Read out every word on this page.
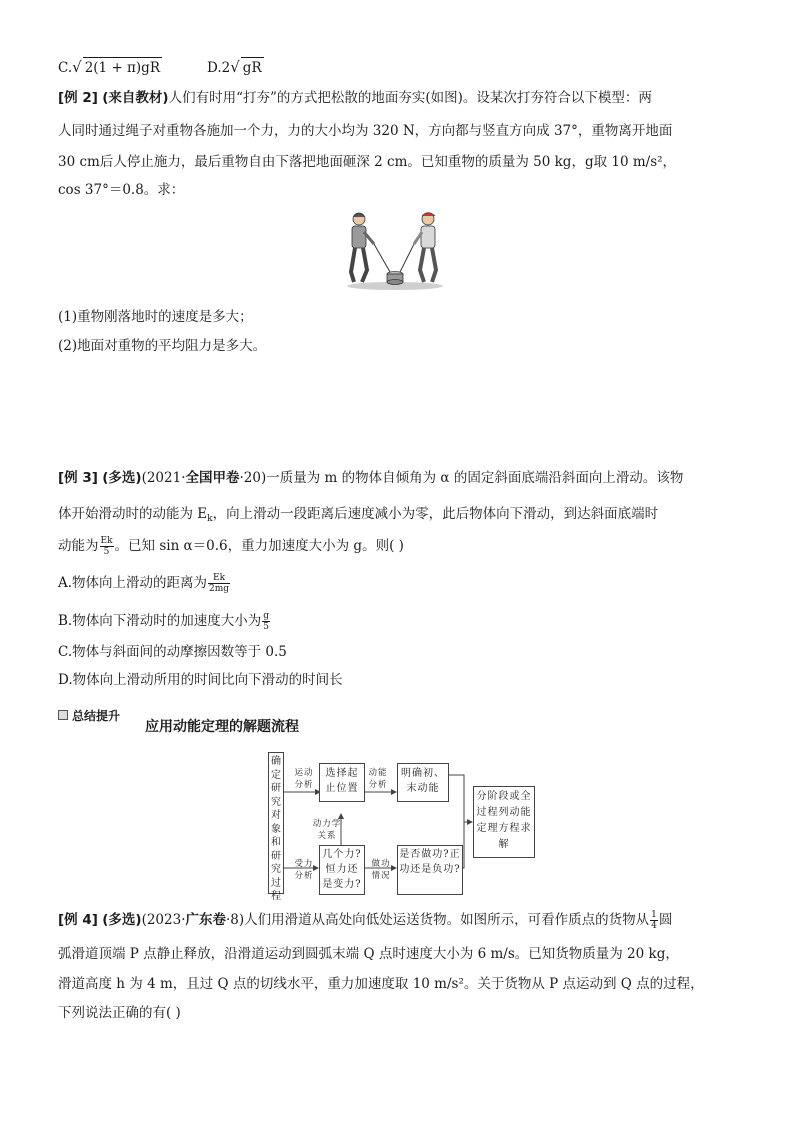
C.√ 2(1 + π)gR	D.2√ gR
[例 2] (来自教材)人们有时用“打夯”的方式把松散的地面夯实(如图)。设某次打夯符合以下模型：两
人同时通过绳子对重物各施加一个力，力的大小均为 320 N，方向都与竖直方向成 37°，重物离开地面
30 cm后人停止施力，最后重物自由下落把地面砸深 2 cm。已知重物的质量为 50 kg，g取 10 m/s²，
cos 37°＝0.8。求：
(1)重物刚落地时的速度是多大；
(2)地面对重物的平均阻力是多大。
[例 3] (多选)(2021·全国甲卷·20)一质量为 m 的物体自倾角为 α 的固定斜面底端沿斜面向上滑动。该物
体开始滑动时的动能为 $E_k$，向上滑动一段距离后速度减小为零，此后物体向下滑动，到达斜面底端时
动能为 $\frac{Ek}{5}$ 。已知 sin α＝0.6，重力加速度大小为 g。则( )
A.物体向上滑动的距离为 $\frac{Ek}{2mg}$
B.物体向下滑动时的加速度大小为 $\frac{g}{5}$
C.物体与斜面间的动摩擦因数等于 0.5
D.物体向上滑动所用的时间比向下滑动的时间长
总结提升
应用动能定理的解题流程
确定研究对象和研究过程
运动分析
选择起止位置
动能分析
明确初、末动能
动力学关系
受力分析
几个力?恒力还是变力?
做功情况
是否做功?正功还是负功?
分阶段或全过程列动能定理方程求解
[例 4] (多选)(2023·广东卷·8)人们用滑道从高处向低处运送货物。如图所示，可看作质点的货物从 $\frac{1}{4}$ 圆
弧滑道顶端 P 点静止释放，沿滑道运动到圆弧末端 Q 点时速度大小为 6 m/s。已知货物质量为 20 kg，
滑道高度 h 为 4 m，且过 Q 点的切线水平，重力加速度取 10 m/s²。关于货物从 P 点运动到 Q 点的过程，
下列说法正确的有( )
